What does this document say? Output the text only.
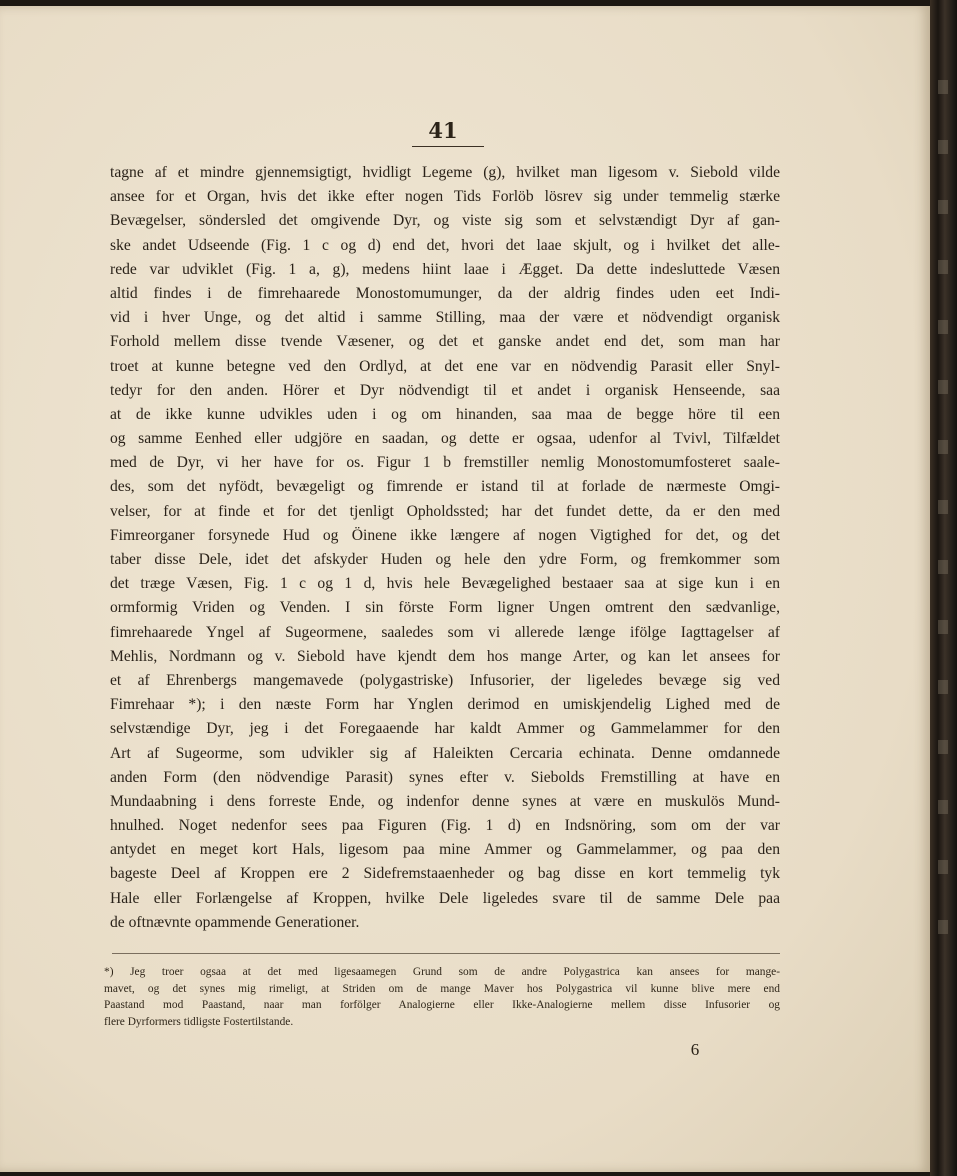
41
tagne af et mindre gjennemsigtigt, hvidligt Legeme (g), hvilket man ligesom v. Siebold vilde
ansee for et Organ, hvis det ikke efter nogen Tids Forlöb lösrev sig under temmelig stærke
Bevægelser, söndersled det omgivende Dyr, og viste sig som et selvstændigt Dyr af gan-
ske andet Udseende (Fig. 1 c og d) end det, hvori det laae skjult, og i hvilket det alle-
rede var udviklet (Fig. 1 a, g), medens hiint laae i Ægget. Da dette indesluttede Væsen
altid findes i de fimrehaarede Monostomumunger, da der aldrig findes uden eet Indi-
vid i hver Unge, og det altid i samme Stilling, maa der være et nödvendigt organisk
Forhold mellem disse tvende Væsener, og det et ganske andet end det, som man har
troet at kunne betegne ved den Ordlyd, at det ene var en nödvendig Parasit eller Snyl-
tedyr for den anden. Hörer et Dyr nödvendigt til et andet i organisk Henseende, saa
at de ikke kunne udvikles uden i og om hinanden, saa maa de begge höre til een
og samme Eenhed eller udgjöre en saadan, og dette er ogsaa, udenfor al Tvivl, Tilfældet
med de Dyr, vi her have for os. Figur 1 b fremstiller nemlig Monostomumfosteret saale-
des, som det nyfödt, bevægeligt og fimrende er istand til at forlade de nærmeste Omgi-
velser, for at finde et for det tjenligt Opholdssted; har det fundet dette, da er den med
Fimreorganer forsynede Hud og Öinene ikke længere af nogen Vigtighed for det, og det
taber disse Dele, idet det afskyder Huden og hele den ydre Form, og fremkommer som
det træge Væsen, Fig. 1 c og 1 d, hvis hele Bevægelighed bestaaer saa at sige kun i en
ormformig Vriden og Venden. I sin förste Form ligner Ungen omtrent den sædvanlige,
fimrehaarede Yngel af Sugeormene, saaledes som vi allerede længe ifölge Iagttagelser af
Mehlis, Nordmann og v. Siebold have kjendt dem hos mange Arter, og kan let ansees for
et af Ehrenbergs mangemavede (polygastriske) Infusorier, der ligeledes bevæge sig ved
Fimrehaar *); i den næste Form har Ynglen derimod en umiskjendelig Lighed med de
selvstændige Dyr, jeg i det Foregaaende har kaldt Ammer og Gammelammer for den
Art af Sugeorme, som udvikler sig af Haleikten Cercaria echinata. Denne omdannede
anden Form (den nödvendige Parasit) synes efter v. Siebolds Fremstilling at have en
Mundaabning i dens forreste Ende, og indenfor denne synes at være en muskulös Mund-
hnulhed. Noget nedenfor sees paa Figuren (Fig. 1 d) en Indsnöring, som om der var
antydet en meget kort Hals, ligesom paa mine Ammer og Gammelammer, og paa den
bageste Deel af Kroppen ere 2 Sidefremstaaenheder og bag disse en kort temmelig tyk
Hale eller Forlængelse af Kroppen, hvilke Dele ligeledes svare til de samme Dele paa
de oftnævnte opammende Generationer.
*) Jeg troer ogsaa at det med ligesaamegen Grund som de andre Polygastrica kan ansees for mange-
mavet, og det synes mig rimeligt, at Striden om de mange Maver hos Polygastrica vil kunne blive mere end
Paastand mod Paastand, naar man forfölger Analogierne eller Ikke-Analogierne mellem disse Infusorier og
flere Dyrformers tidligste Fostertilstande.
6
